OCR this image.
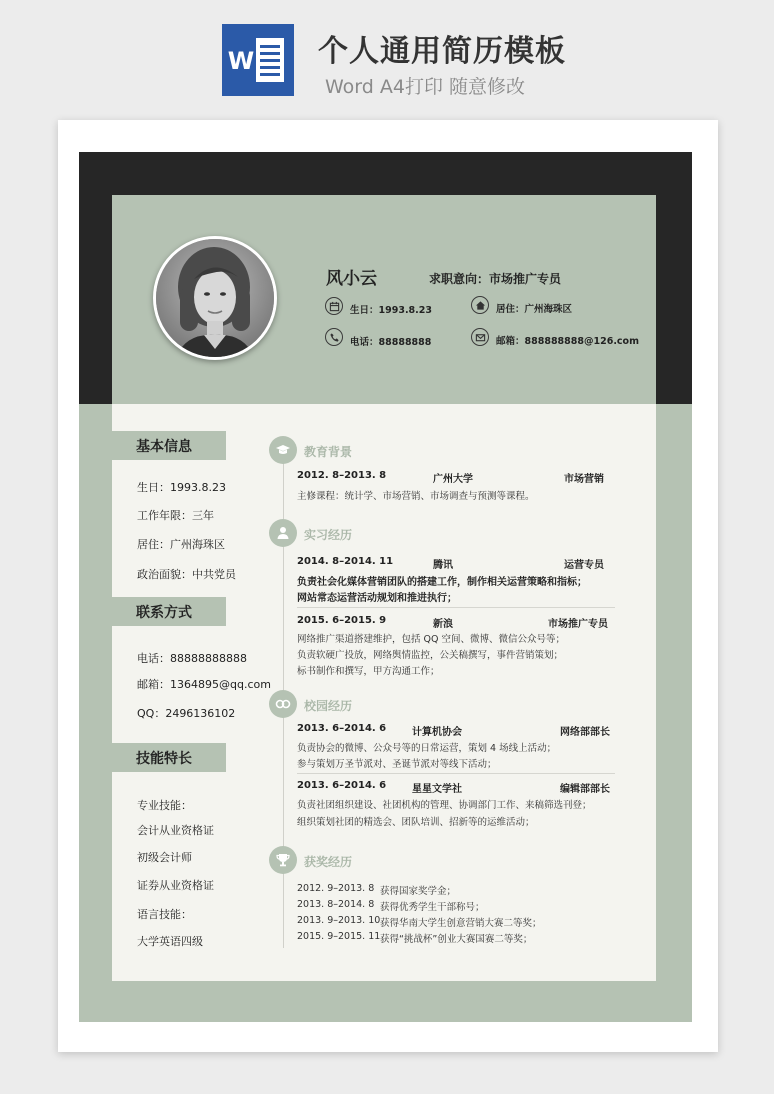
W 个人通用简历模板
Word A4打印 随意修改
风小云	求职意向：市场推广专员
生日：1993.8.23	居住：广州海珠区
电话：88888888	邮箱：888888888@126.com
基本信息
生日：1993.8.23
工作年限：三年
居住：广州海珠区
政治面貌：中共党员
联系方式
电话：88888888888
邮箱：1364895@qq.com
QQ：2496136102
技能特长
专业技能：
会计从业资格证
初级会计师
证券从业资格证
语言技能：
大学英语四级
教育背景
2012. 8–2013. 8	广州大学	市场营销
主修课程：统计学、市场营销、市场调查与预测等课程。
实习经历
2014. 8–2014. 11	腾讯	运营专员
负责社会化媒体营销团队的搭建工作，制作相关运营策略和指标；
网站常态运营活动规划和推进执行；
2015. 6–2015. 9	新浪	市场推广专员
网络推广渠道搭建维护，包括 QQ 空间、微博、微信公众号等；
负责软硬广投放，网络舆情监控，公关稿撰写，事件营销策划；
标书制作和撰写，甲方沟通工作；
校园经历
2013. 6–2014. 6	计算机协会	网络部部长
负责协会的微博、公众号等的日常运营，策划 4 场线上活动；
参与策划万圣节派对、圣诞节派对等线下活动；
2013. 6–2014. 6	星星文学社	编辑部部长
负责社团组织建设、社团机构的管理、协调部门工作、来稿筛选刊登；
组织策划社团的精选会、团队培训、招新等的运维活动；
获奖经历
2012. 9–2013. 8 获得国家奖学金；
2013. 8–2014. 8 获得优秀学生干部称号；
2013. 9–2013. 10 获得华南大学生创意营销大赛二等奖；
2015. 9–2015. 11 获得“挑战杯”创业大赛国赛二等奖；
